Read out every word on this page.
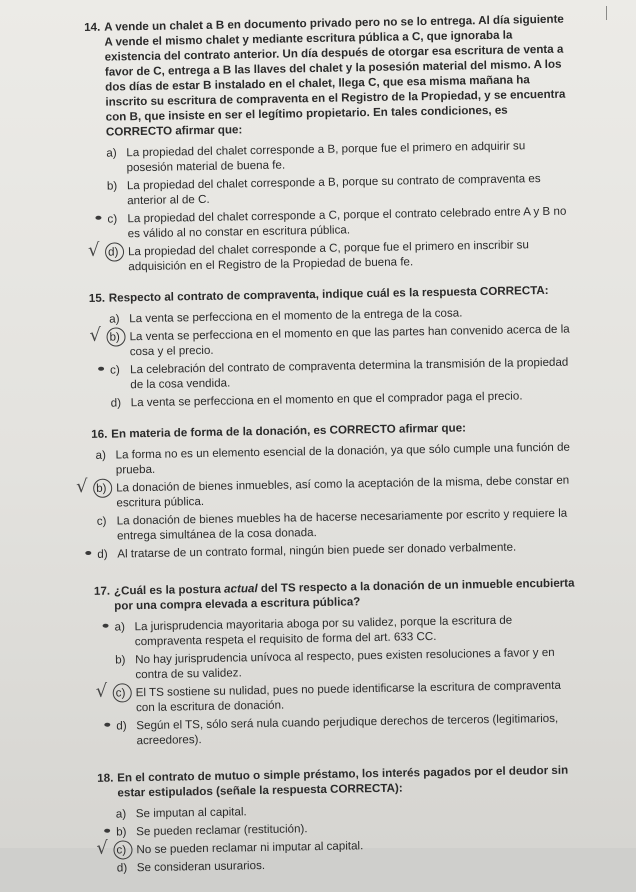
14. A vende un chalet a B en documento privado pero no se lo entrega. Al día siguiente A vende el mismo chalet y mediante escritura pública a C, que ignoraba la existencia del contrato anterior. Un día después de otorgar esa escritura de venta a favor de C, entrega a B las llaves del chalet y la posesión material del mismo. A los dos días de estar B instalado en el chalet, llega C, que esa misma mañana ha inscrito su escritura de compraventa en el Registro de la Propiedad, y se encuentra con B, que insiste en ser el legítimo propietario. En tales condiciones, es CORRECTO afirmar que:
a) La propiedad del chalet corresponde a B, porque fue el primero en adquirir su posesión material de buena fe.
b) La propiedad del chalet corresponde a B, porque su contrato de compraventa es anterior al de C.
c) La propiedad del chalet corresponde a C, porque el contrato celebrado entre A y B no es válido al no constar en escritura pública.
√ d) La propiedad del chalet corresponde a C, porque fue el primero en inscribir su adquisición en el Registro de la Propiedad de buena fe.
15. Respecto al contrato de compraventa, indique cuál es la respuesta CORRECTA:
a) La venta se perfecciona en el momento de la entrega de la cosa.
√ b) La venta se perfecciona en el momento en que las partes han convenido acerca de la cosa y el precio.
c) La celebración del contrato de compraventa determina la transmisión de la propiedad de la cosa vendida.
d) La venta se perfecciona en el momento en que el comprador paga el precio.
16. En materia de forma de la donación, es CORRECTO afirmar que:
a) La forma no es un elemento esencial de la donación, ya que sólo cumple una función de prueba.
√ b) La donación de bienes inmuebles, así como la aceptación de la misma, debe constar en escritura pública.
c) La donación de bienes muebles ha de hacerse necesariamente por escrito y requiere la entrega simultánea de la cosa donada.
d) Al tratarse de un contrato formal, ningún bien puede ser donado verbalmente.
17. ¿Cuál es la postura actual del TS respecto a la donación de un inmueble encubierta por una compra elevada a escritura pública?
a) La jurisprudencia mayoritaria aboga por su validez, porque la escritura de compraventa respeta el requisito de forma del art. 633 CC.
b) No hay jurisprudencia unívoca al respecto, pues existen resoluciones a favor y en contra de su validez.
√ c) El TS sostiene su nulidad, pues no puede identificarse la escritura de compraventa con la escritura de donación.
d) Según el TS, sólo será nula cuando perjudique derechos de terceros (legitimarios, acreedores).
18. En el contrato de mutuo o simple préstamo, los interés pagados por el deudor sin estar estipulados (señale la respuesta CORRECTA):
a) Se imputan al capital.
b) Se pueden reclamar (restitución).
√ c) No se pueden reclamar ni imputar al capital.
d) Se consideran usurarios.
